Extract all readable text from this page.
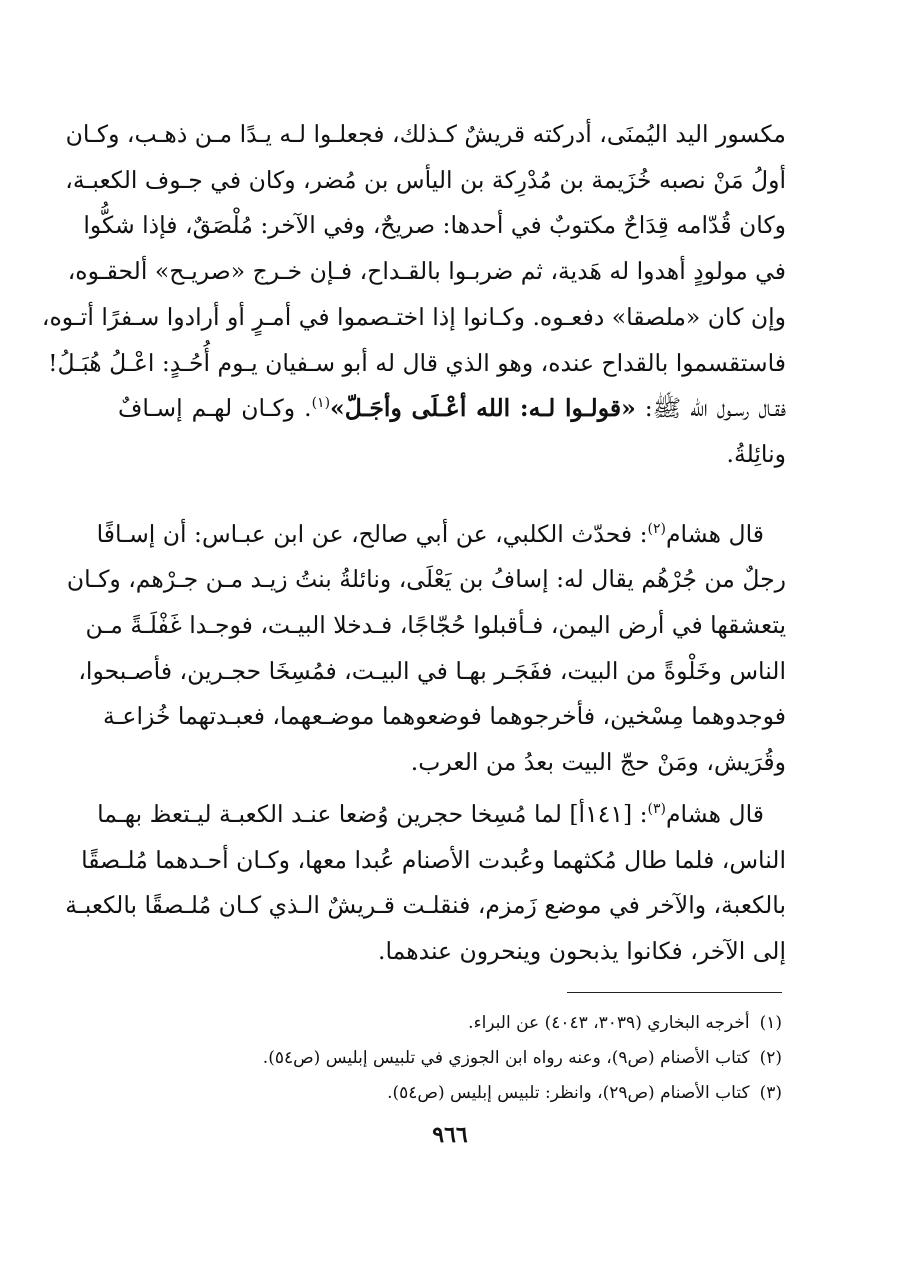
مكسور اليد اليُمنَى، أدركته قريشٌ كـذلك، فجعلـوا لـه يـدًا مـن ذهـب، وكـان
أولُ مَنْ نصبه خُزَيمة بن مُدْرِكة بن اليأس بن مُضر، وكان في جـوف الكعبـة،
وكان قُدّامه قِدَاحٌ مكتوبٌ في أحدها: صريحٌ، وفي الآخر: مُلْصَقٌ، فإذا شكُّوا
في مولودٍ أهدوا له هَدية، ثم ضربـوا بالقـداح، فـإن خـرج «صريـح» ألحقـوه،
وإن كان «ملصقا» دفعـوه. وكـانوا إذا اختـصموا في أمـرٍ أو أرادوا سـفرًا أتـوه،
فاستقسموا بالقداح عنده، وهو الذي قال له أبو سـفيان يـوم أُحُـدٍ: اعْـلُ هُبَـلُ!
فقـال رسـول الله ﷺ: «قولـوا لـه: الله أعْـلَى وأجَـلّ»$^{(١)}$. وكـان لهـم إسـافٌ
ونائِلةُ.

قال هشام$^{(٢)}$: فحدّث الكلبي، عن أبي صالح، عن ابن عبـاس: أن إسـافًا
رجلٌ من جُرْهُم يقال له: إسافُ بن يَعْلَى، ونائلةُ بنتُ زيـد مـن جـرْهم، وكـان
يتعشقها في أرض اليمن، فـأقبلوا حُجّاجًا، فـدخلا البيـت، فوجـدا غَفْلَـةً مـن
الناس وخَلْوةً من البيت، ففَجَـر بهـا في البيـت، فمُسِخَا حجـرين، فأصـبحوا،
فوجدوهما مِسْخين، فأخرجوهما فوضعوهما موضـعهما، فعبـدتهما خُزاعـة
وقُرَيش، ومَنْ حجّ البيت بعدُ من العرب.

قال هشام$^{(٣)}$: [١٤١أ] لما مُسِخا حجرين وُضعا عنـد الكعبـة ليـتعظ بهـما
الناس، فلما طال مُكثهما وعُبدت الأصنام عُبدا معها، وكـان أحـدهما مُلـصقًا
بالكعبة، والآخر في موضع زَمزم، فنقلـت قـريشٌ الـذي كـان مُلـصقًا بالكعبـة
إلى الآخر، فكانوا يذبحون وينحرون عندهما.

(١)أخرجه البخاري (٣٠٣٩، ٤٠٤٣) عن البراء.
(٢)كتاب الأصنام (ص٩)، وعنه رواه ابن الجوزي في تلبيس إبليس (ص٥٤).
(٣)كتاب الأصنام (ص٢٩)، وانظر: تلبيس إبليس (ص٥٤).
٩٦٦
